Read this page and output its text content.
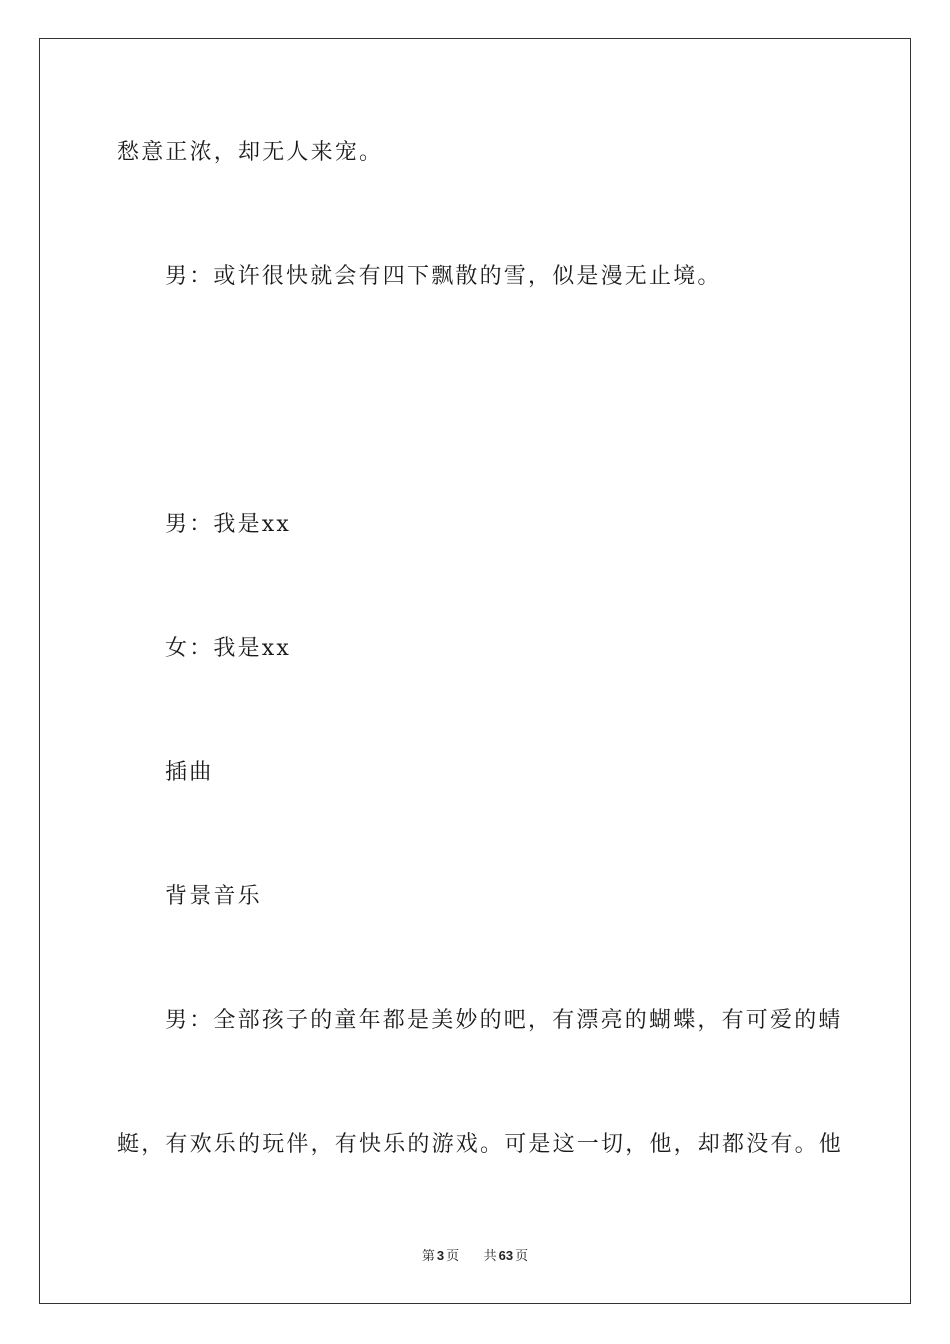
愁意正浓，却无人来宠。
男：或许很快就会有四下飘散的雪，似是漫无止境。
男：我是xx
女：我是xx
插曲
背景音乐
男：全部孩子的童年都是美妙的吧，有漂亮的蝴蝶，有可爱的蜻
蜓，有欢乐的玩伴，有快乐的游戏。可是这一切，他，却都没有。他
第 3 页 共 63 页
